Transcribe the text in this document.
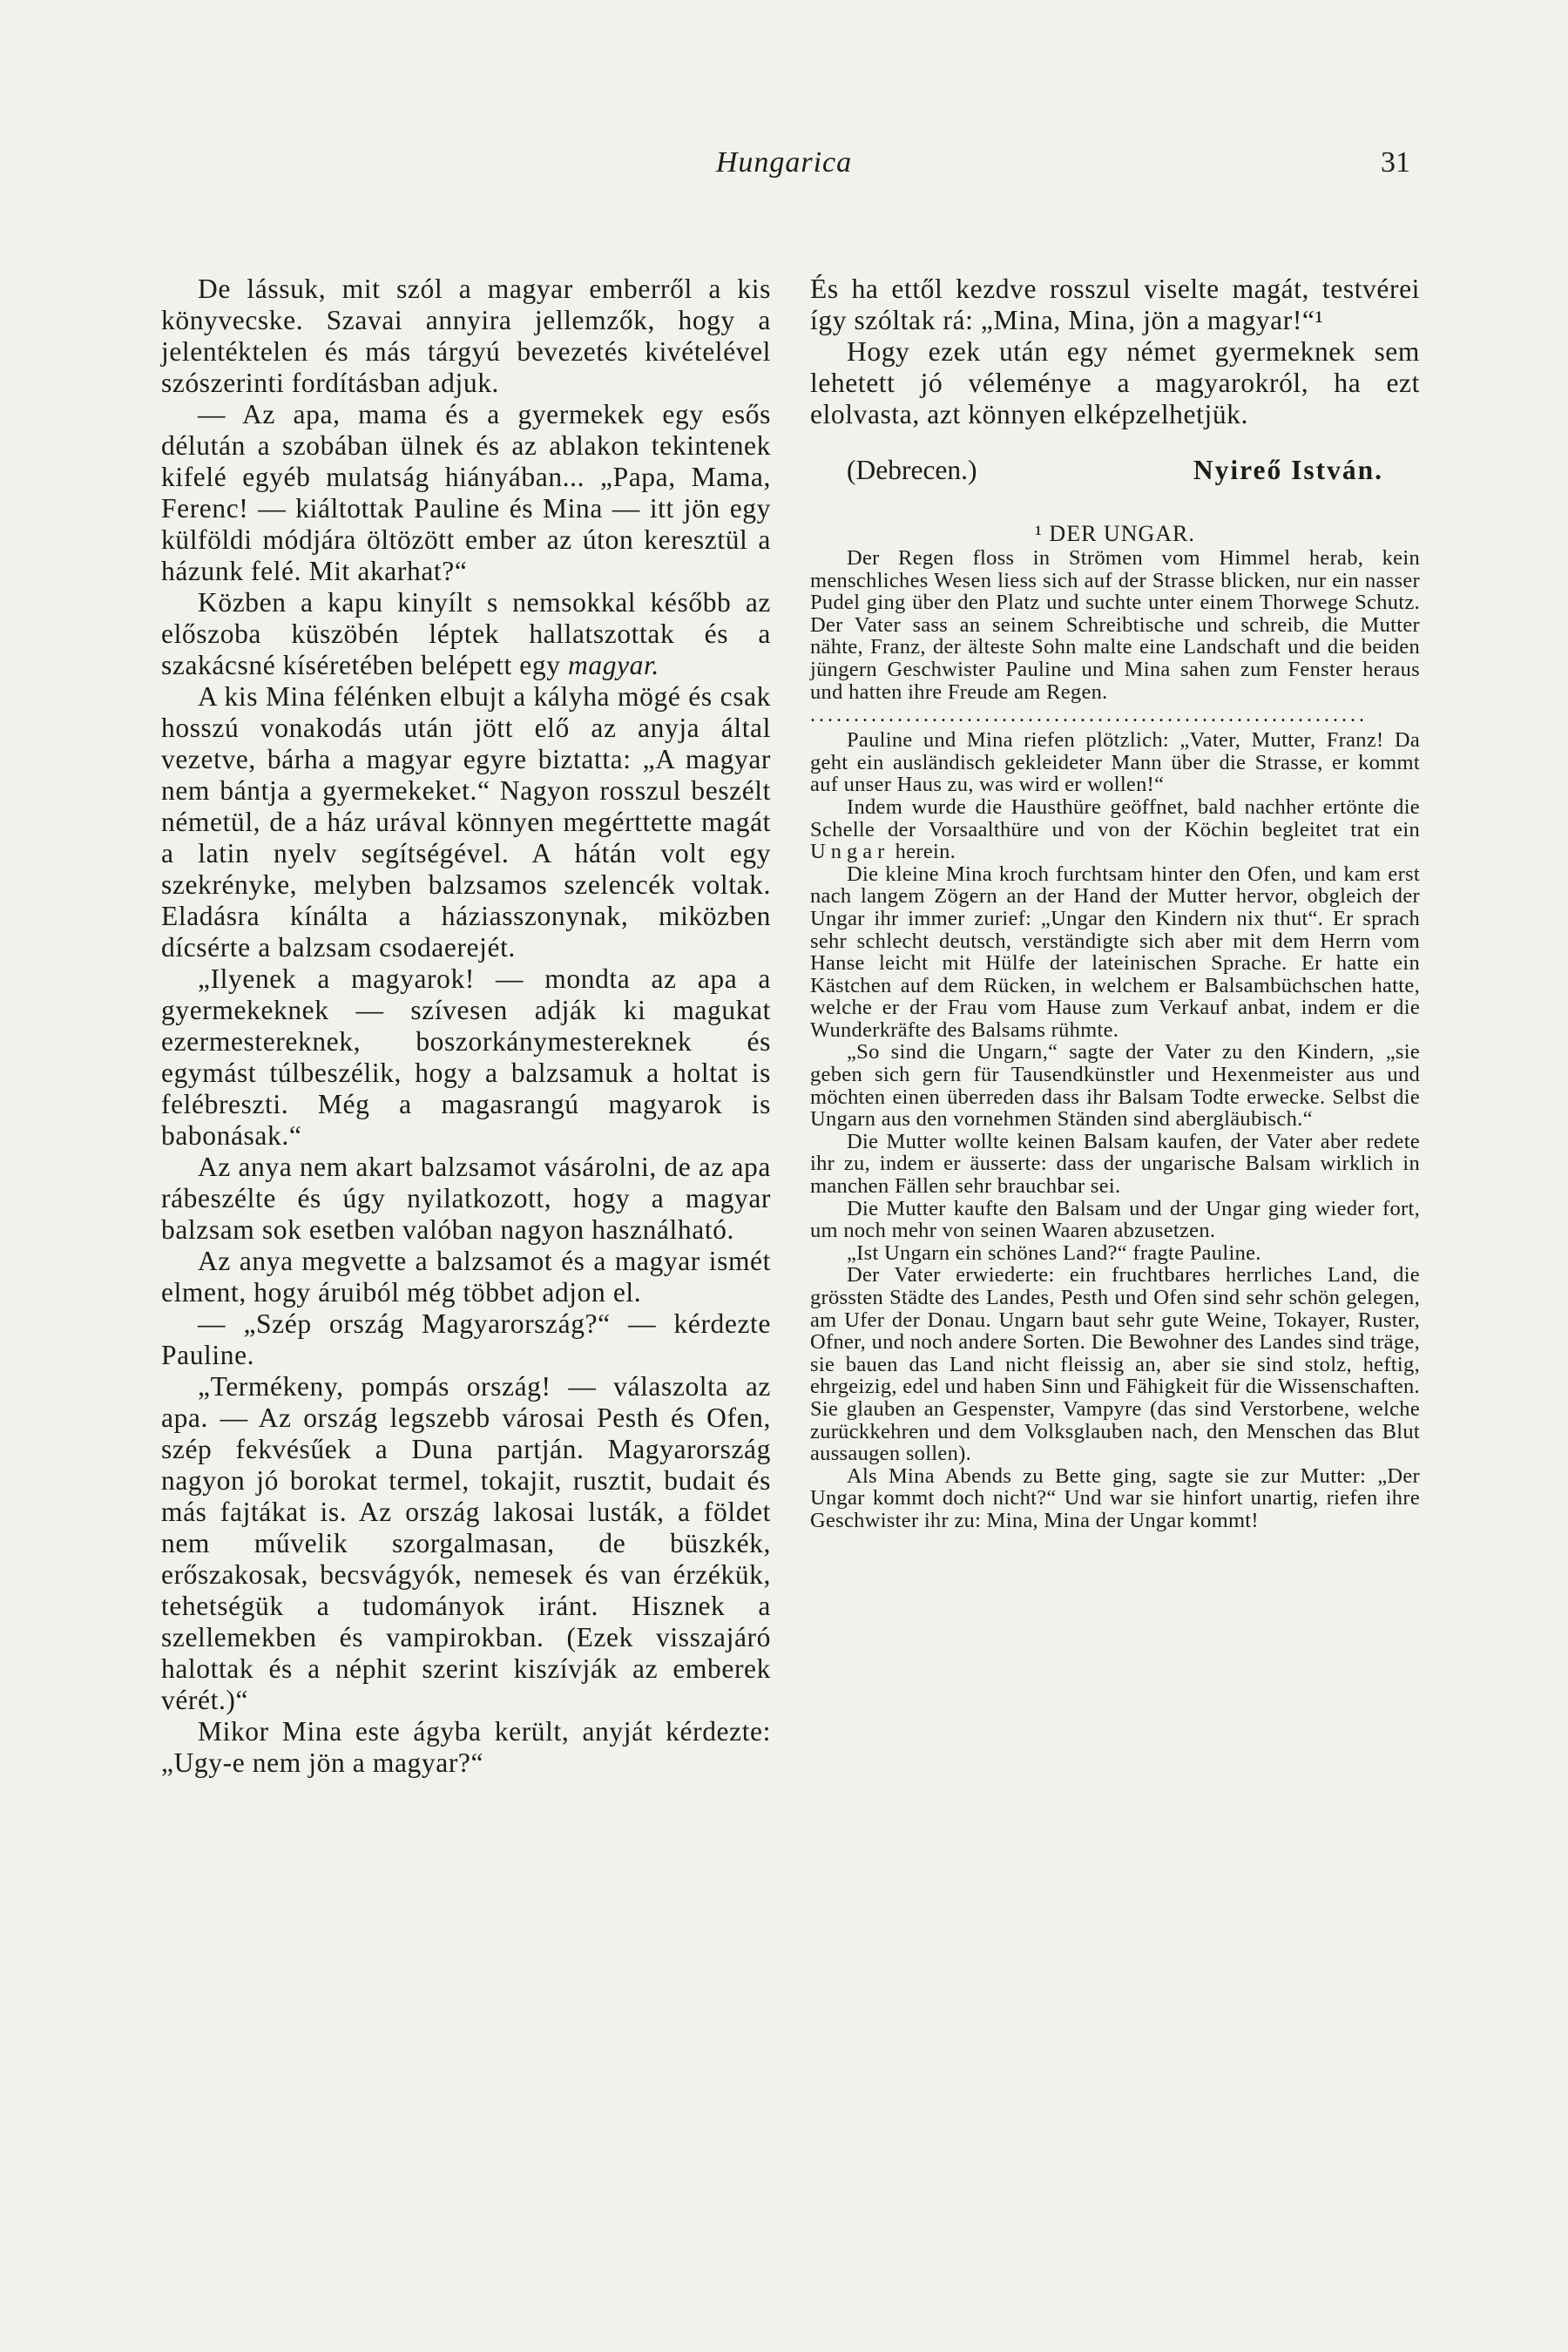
Hungarica	31

De lássuk, mit szól a magyar emberről a kis könyvecske. Szavai annyira jellemzők, hogy a jelentéktelen és más tárgyú bevezetés kivételével szószerinti fordításban adjuk.

— Az apa, mama és a gyermekek egy esős délután a szobában ülnek és az ablakon tekintenek kifelé egyéb mulatság hiányában... „Papa, Mama, Ferenc! — kiáltottak Pauline és Mina — itt jön egy külföldi módjára öltözött ember az úton keresztül a házunk felé. Mit akarhat?“

Közben a kapu kinyílt s nemsokkal később az előszoba küszöbén léptek hallatszottak és a szakácsné kíséretében belépett egy magyar.

A kis Mina félénken elbujt a kályha mögé és csak hosszú vonakodás után jött elő az anyja által vezetve, bárha a magyar egyre biztatta: „A magyar nem bántja a gyermekeket.“ Nagyon rosszul beszélt németül, de a ház urával könnyen megérttette magát a latin nyelv segítségével. A hátán volt egy szekrényke, melyben balzsamos szelencék voltak. Eladásra kínálta a háziasszonynak, miközben dícsérte a balzsam csodaerejét.

„Ilyenek a magyarok! — mondta az apa a gyermekeknek — szívesen adják ki magukat ezermestereknek, boszorkánymestereknek és egymást túlbeszélik, hogy a balzsamuk a holtat is felébreszti. Még a magasrangú magyarok is babonásak.“

Az anya nem akart balzsamot vásárolni, de az apa rábeszélte és úgy nyilatkozott, hogy a magyar balzsam sok esetben valóban nagyon használható.

Az anya megvette a balzsamot és a magyar ismét elment, hogy áruiból még többet adjon el.

— „Szép ország Magyarország?“ — kérdezte Pauline.

„Termékeny, pompás ország! — válaszolta az apa. — Az ország legszebb városai Pesth és Ofen, szép fekvésűek a Duna partján. Magyarország nagyon jó borokat termel, tokajit, rusztit, budait és más fajtákat is. Az ország lakosai lusták, a földet nem művelik szorgalmasan, de büszkék, erőszakosak, becsvágyók, nemesek és van érzékük, tehetségük a tudományok iránt. Hisznek a szellemekben és vampirokban. (Ezek visszajáró halottak és a néphit szerint kiszívják az emberek vérét.)“

Mikor Mina este ágyba került, anyját kérdezte: „Ugy-e nem jön a magyar?“

És ha ettől kezdve rosszul viselte magát, testvérei így szóltak rá: „Mina, Mina, jön a magyar!“¹

Hogy ezek után egy német gyermeknek sem lehetett jó véleménye a magyarokról, ha ezt elolvasta, azt könnyen elképzelhetjük.

(Debrecen.)	Nyireő István.
¹ DER UNGAR.

Der Regen floss in Strömen vom Himmel herab, kein menschliches Wesen liess sich auf der Strasse blicken, nur ein nasser Pudel ging über den Platz und suchte unter einem Thorwege Schutz. Der Vater sass an seinem Schreibtische und schreib, die Mutter nähte, Franz, der älteste Sohn malte eine Landschaft und die beiden jüngern Geschwister Pauline und Mina sahen zum Fenster heraus und hatten ihre Freude am Regen.

................................................................

Pauline und Mina riefen plötzlich: „Vater, Mutter, Franz! Da geht ein ausländisch gekleideter Mann über die Strasse, er kommt auf unser Haus zu, was wird er wollen!“

Indem wurde die Hausthüre geöffnet, bald nachher ertönte die Schelle der Vorsaalthüre und von der Köchin begleitet trat ein Ungar herein.

Die kleine Mina kroch furchtsam hinter den Ofen, und kam erst nach langem Zögern an der Hand der Mutter hervor, obgleich der Ungar ihr immer zurief: „Ungar den Kindern nix thut“. Er sprach sehr schlecht deutsch, verständigte sich aber mit dem Herrn vom Hanse leicht mit Hülfe der lateinischen Sprache. Er hatte ein Kästchen auf dem Rücken, in welchem er Balsambüchschen hatte, welche er der Frau vom Hause zum Verkauf anbat, indem er die Wunderkräfte des Balsams rühmte.

„So sind die Ungarn,“ sagte der Vater zu den Kindern, „sie geben sich gern für Tausendkünstler und Hexenmeister aus und möchten einen überreden dass ihr Balsam Todte erwecke. Selbst die Ungarn aus den vornehmen Ständen sind abergläubisch.“

Die Mutter wollte keinen Balsam kaufen, der Vater aber redete ihr zu, indem er äusserte: dass der ungarische Balsam wirklich in manchen Fällen sehr brauchbar sei.

Die Mutter kaufte den Balsam und der Ungar ging wieder fort, um noch mehr von seinen Waaren abzusetzen.

„Ist Ungarn ein schönes Land?“ fragte Pauline.

Der Vater erwiederte: ein fruchtbares herrliches Land, die grössten Städte des Landes, Pesth und Ofen sind sehr schön gelegen, am Ufer der Donau. Ungarn baut sehr gute Weine, Tokayer, Ruster, Ofner, und noch andere Sorten. Die Bewohner des Landes sind träge, sie bauen das Land nicht fleissig an, aber sie sind stolz, heftig, ehrgeizig, edel und haben Sinn und Fähigkeit für die Wissenschaften. Sie glauben an Gespenster, Vampyre (das sind Verstorbene, welche zurückkehren und dem Volksglauben nach, den Menschen das Blut aussaugen sollen).

Als Mina Abends zu Bette ging, sagte sie zur Mutter: „Der Ungar kommt doch nicht?“ Und war sie hinfort unartig, riefen ihre Geschwister ihr zu: Mina, Mina der Ungar kommt!
